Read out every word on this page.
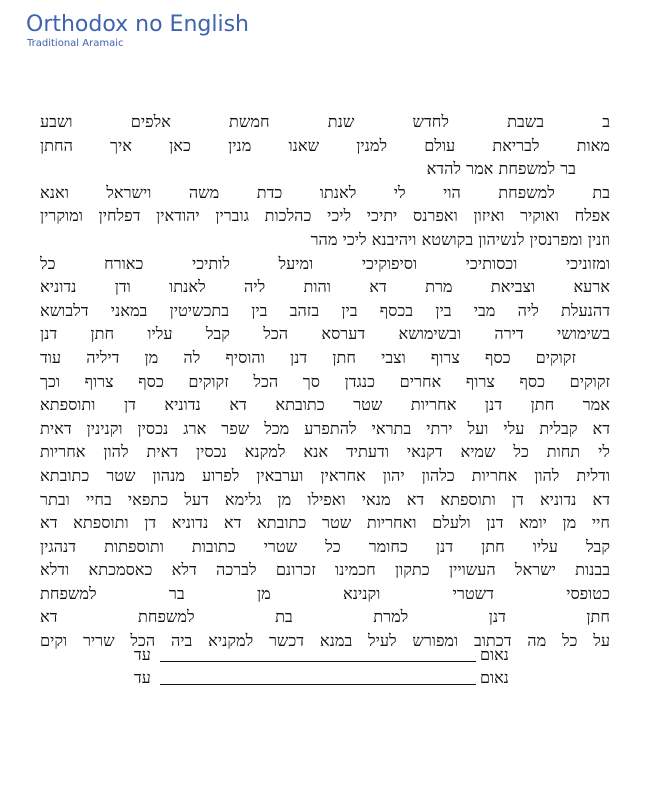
Orthodox no English
Traditional Aramaic
ב בשבת לחדש שנת חמשת אלפים ושבע
מאות לבריאת עולם למנין שאנו מנין כאן איך החתן
בר למשפחת אמר להדא
בת למשפחת הוי לי לאנתו כדת משה וישראל ואנא
אפלח ואוקיר ואיזון ואפרנס יתיכי ליכי כהלכות גוברין יהודאין דפלחין ומוקרין
וזנין ומפרנסין לנשיהון בקושטא ויהיבנא ליכי מהר
ומזוניכי וכסותיכי וסיפוקיכי ומיעל לותיכי כאורח כל
ארעא וצביאת מרת דא והות ליה לאנתו ודן נדוניא
דהנעלת ליה מבי בין בכסף בין בזהב בין בתכשיטין במאני דלבושא
בשימושי דירה ובשימושא דערסא הכל קבל עליו חתן דנן
זקוקים כסף צרוף וצבי חתן דנן והוסיף לה מן דיליה עוד
זקוקים כסף צרוף אחרים כנגדן סך הכל זקוקים כסף צרוף וכך
אמר חתן דנן אחריות שטר כתובתא דא נדוניא דן ותוספתא
דא קבלית עלי ועל ירתי בתראי להתפרע מכל שפר ארג נכסין וקנינין דאית
לי תחות כל שמיא דקנאי ודעתיד אנא למקנא נכסין דאית להון אחריות
ודלית להון אחריות כלהון יהון אחראין וערבאין לפרוע מנהון שטר כתובתא
דא נדוניא דן ותוספתא דא מנאי ואפילו מן גלימא דעל כתפאי בחיי ובתר
חיי מן יומא דנן ולעלם ואחריות שטר כתובתא דא נדוניא דן ותוספתא דא
קבל עליו חתן דנן כחומר כל שטרי כתובות ותוספתות דנהגין
בבנות ישראל העשויין כתקון חכמינו זכרונם לברכה דלא כאסמכתא ודלא
כטופסי דשטרי וקנינא מן בר למשפחת
חתן דנן למרת בת למשפחת דא
על כל מה דכתוב ומפורש לעיל במנא דכשר למקניא ביה הכל שריר וקים
עד	נאום
עד	נאום
